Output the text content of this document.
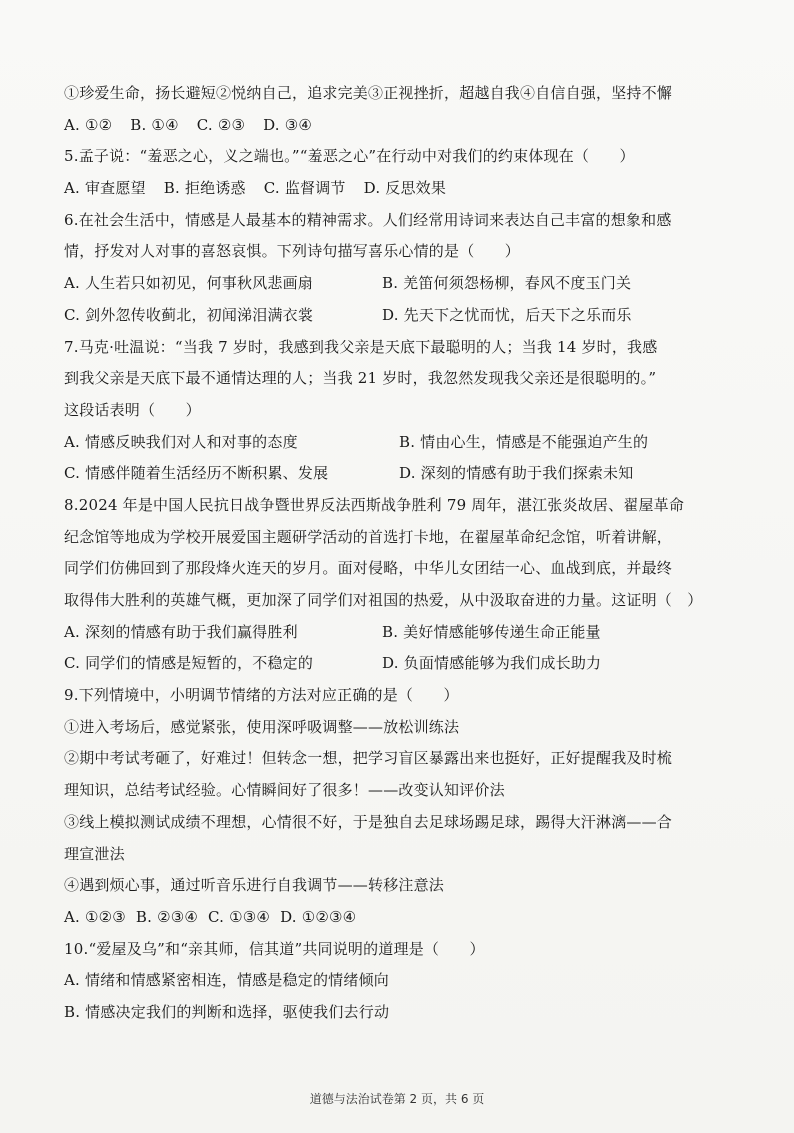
①珍爱生命，扬长避短②悦纳自己，追求完美③正视挫折，超越自我④自信自强，坚持不懈
A. ①② B. ①④ C. ②③ D. ③④
5.孟子说：“羞恶之心，义之端也。”“羞恶之心”在行动中对我们的约束体现在（　　）
A. 审查愿望 B. 拒绝诱惑 C. 监督调节 D. 反思效果
6.在社会生活中，情感是人最基本的精神需求。人们经常用诗词来表达自己丰富的想象和感
情，抒发对人对事的喜怒哀惧。下列诗句描写喜乐心情的是（　　）
A. 人生若只如初见，何事秋风悲画扇	B. 羌笛何须怨杨柳，春风不度玉门关
C. 剑外忽传收蓟北，初闻涕泪满衣裳	D. 先天下之忧而忧，后天下之乐而乐
7.马克·吐温说：“当我 7 岁时，我感到我父亲是天底下最聪明的人；当我 14 岁时，我感
到我父亲是天底下最不通情达理的人；当我 21 岁时，我忽然发现我父亲还是很聪明的。”
这段话表明（　　）
A. 情感反映我们对人和对事的态度	B. 情由心生，情感是不能强迫产生的
C. 情感伴随着生活经历不断积累、发展	D. 深刻的情感有助于我们探索未知
8.2024 年是中国人民抗日战争暨世界反法西斯战争胜利 79 周年，湛江张炎故居、翟屋革命
纪念馆等地成为学校开展爱国主题研学活动的首选打卡地，在翟屋革命纪念馆，听着讲解，
同学们仿佛回到了那段烽火连天的岁月。面对侵略，中华儿女团结一心、血战到底，并最终
取得伟大胜利的英雄气概，更加深了同学们对祖国的热爱，从中汲取奋进的力量。这证明（　）
A. 深刻的情感有助于我们赢得胜利	B. 美好情感能够传递生命正能量
C. 同学们的情感是短暂的，不稳定的	D. 负面情感能够为我们成长助力
9.下列情境中，小明调节情绪的方法对应正确的是（　　）
①进入考场后，感觉紧张，使用深呼吸调整——放松训练法
②期中考试考砸了，好难过！但转念一想，把学习盲区暴露出来也挺好，正好提醒我及时梳
理知识，总结考试经验。心情瞬间好了很多！——改变认知评价法
③线上模拟测试成绩不理想，心情很不好，于是独自去足球场踢足球，踢得大汗淋漓——合
理宣泄法
④遇到烦心事，通过听音乐进行自我调节——转移注意法
A. ①②③ B. ②③④ C. ①③④ D. ①②③④
10.“爱屋及乌”和“亲其师，信其道”共同说明的道理是（　　）
A. 情绪和情感紧密相连，情感是稳定的情绪倾向
B. 情感决定我们的判断和选择，驱使我们去行动
道德与法治试卷第 2 页，共 6 页
